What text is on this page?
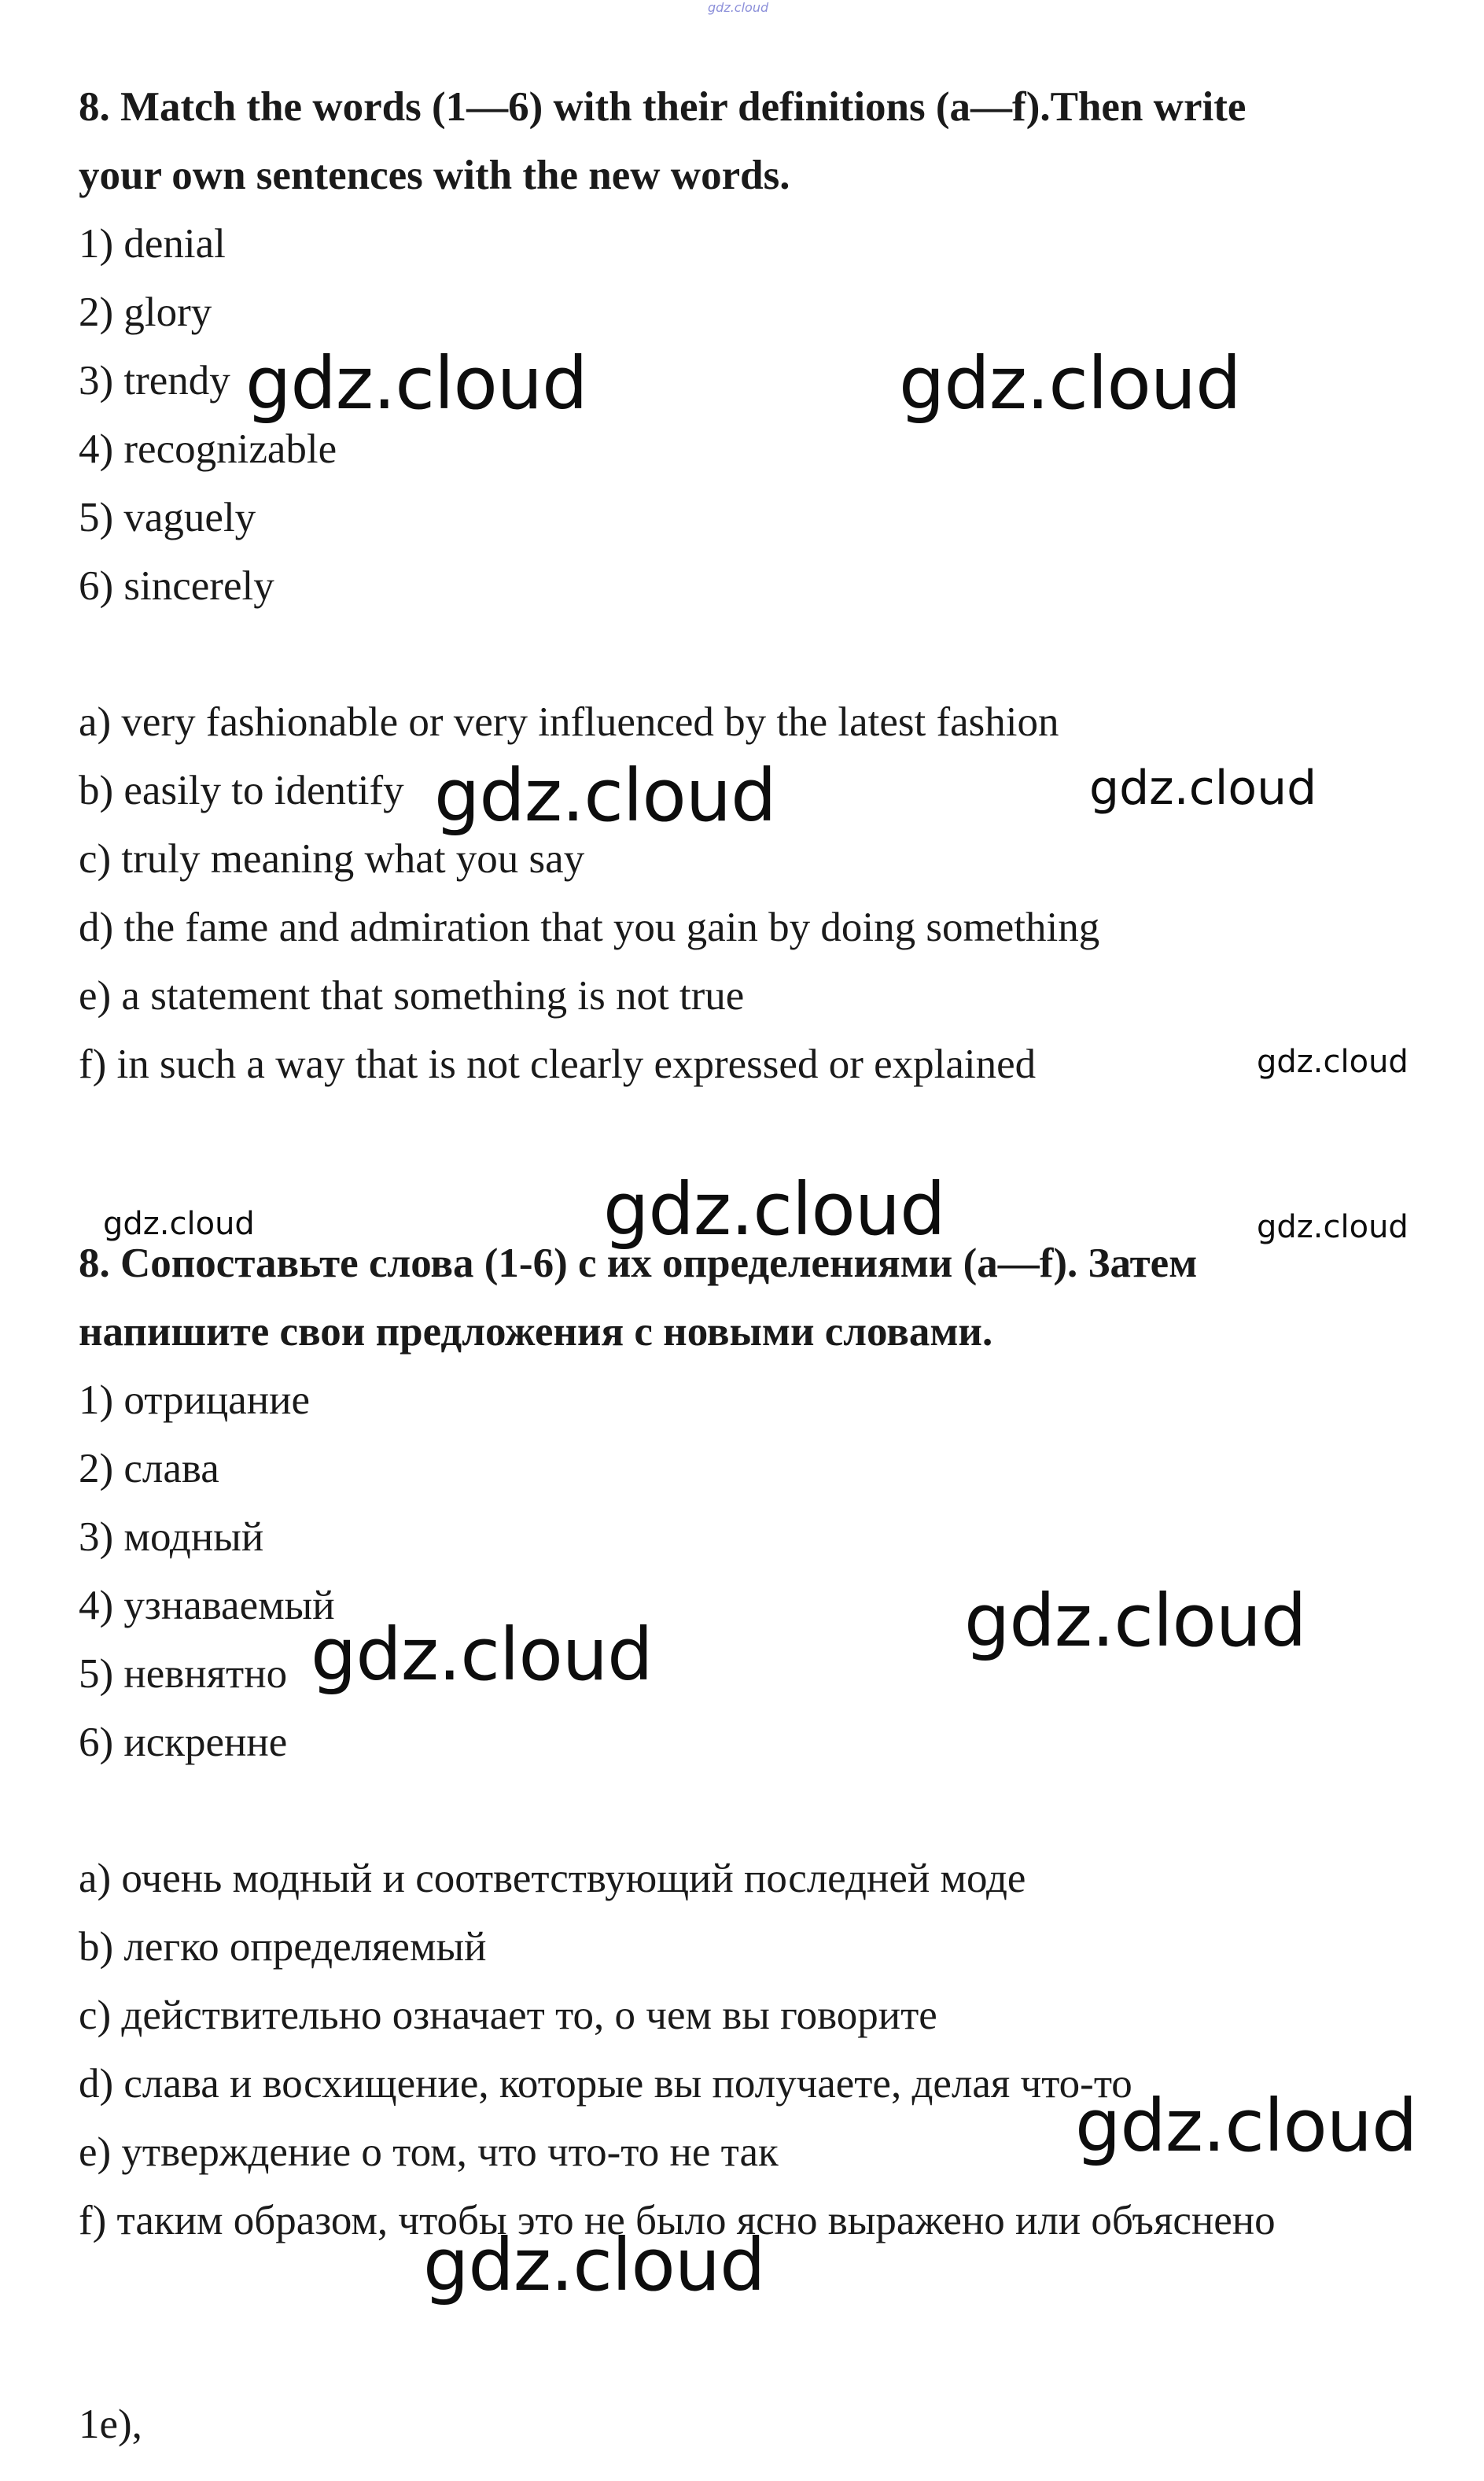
gdz.cloud
8. Match the words (1—6) with their definitions (a—f).Then write
your own sentences with the new words.
1) denial
2) glory
3) trendy
4) recognizable
5) vaguely
6) sincerely
a) very fashionable or very influenced by the latest fashion
b) easily to identify
c) truly meaning what you say
d) the fame and admiration that you gain by doing something
e) a statement that something is not true
f) in such a way that is not clearly expressed or explained
8. Сопоставьте слова (1-6) с их определениями (a—f). Затем
напишите свои предложения с новыми словами.
1) отрицание
2) слава
3) модный
4) узнаваемый
5) невнятно
6) искренне
a) очень модный и соответствующий последней моде
b) легко определяемый
c) действительно означает то, о чем вы говорите
d) слава и восхищение, которые вы получаете, делая что-то
e) утверждение о том, что что-то не так
f) таким образом, чтобы это не было ясно выражено или объяснено
1e),
gdz.cloud	gdz.cloud
gdz.cloud	gdz.cloud
gdz.cloud
gdz.cloud	gdz.cloud	gdz.cloud
gdz.cloud
gdz.cloud
gdz.cloud
gdz.cloud
